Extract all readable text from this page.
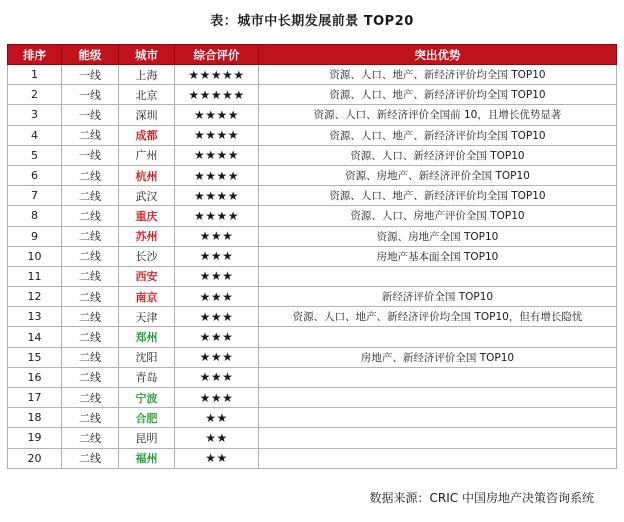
表：城市中长期发展前景 TOP20
排序	能级	城市	综合评价	突出优势
1	一线	上海	★★★★★	资源、人口、地产、新经济评价均全国 TOP10
2	一线	北京	★★★★★	资源、人口、地产、新经济评价均全国 TOP10
3	一线	深圳	★★★★	资源、人口、新经济评价全国前 10，且增长优势显著
4	二线	成都	★★★★	资源、人口、地产、新经济评价均全国 TOP10
5	一线	广州	★★★★	资源、人口、新经济评价全国 TOP10
6	二线	杭州	★★★★	资源、房地产、新经济评价全国 TOP10
7	二线	武汉	★★★★	资源、人口、地产、新经济评价均全国 TOP10
8	二线	重庆	★★★★	资源、人口、房地产评价全国 TOP10
9	二线	苏州	★★★	资源、房地产全国 TOP10
10	二线	长沙	★★★	房地产基本面全国 TOP10
11	二线	西安	★★★	
12	二线	南京	★★★	新经济评价全国 TOP10
13	二线	天津	★★★	资源、人口、地产、新经济评价均全国 TOP10，但有增长隐忧
14	二线	郑州	★★★	
15	二线	沈阳	★★★	房地产、新经济评价全国 TOP10
16	二线	青岛	★★★	
17	二线	宁波	★★★	
18	二线	合肥	★★	
19	二线	昆明	★★	
20	二线	福州	★★	
数据来源：CRIC 中国房地产决策咨询系统
